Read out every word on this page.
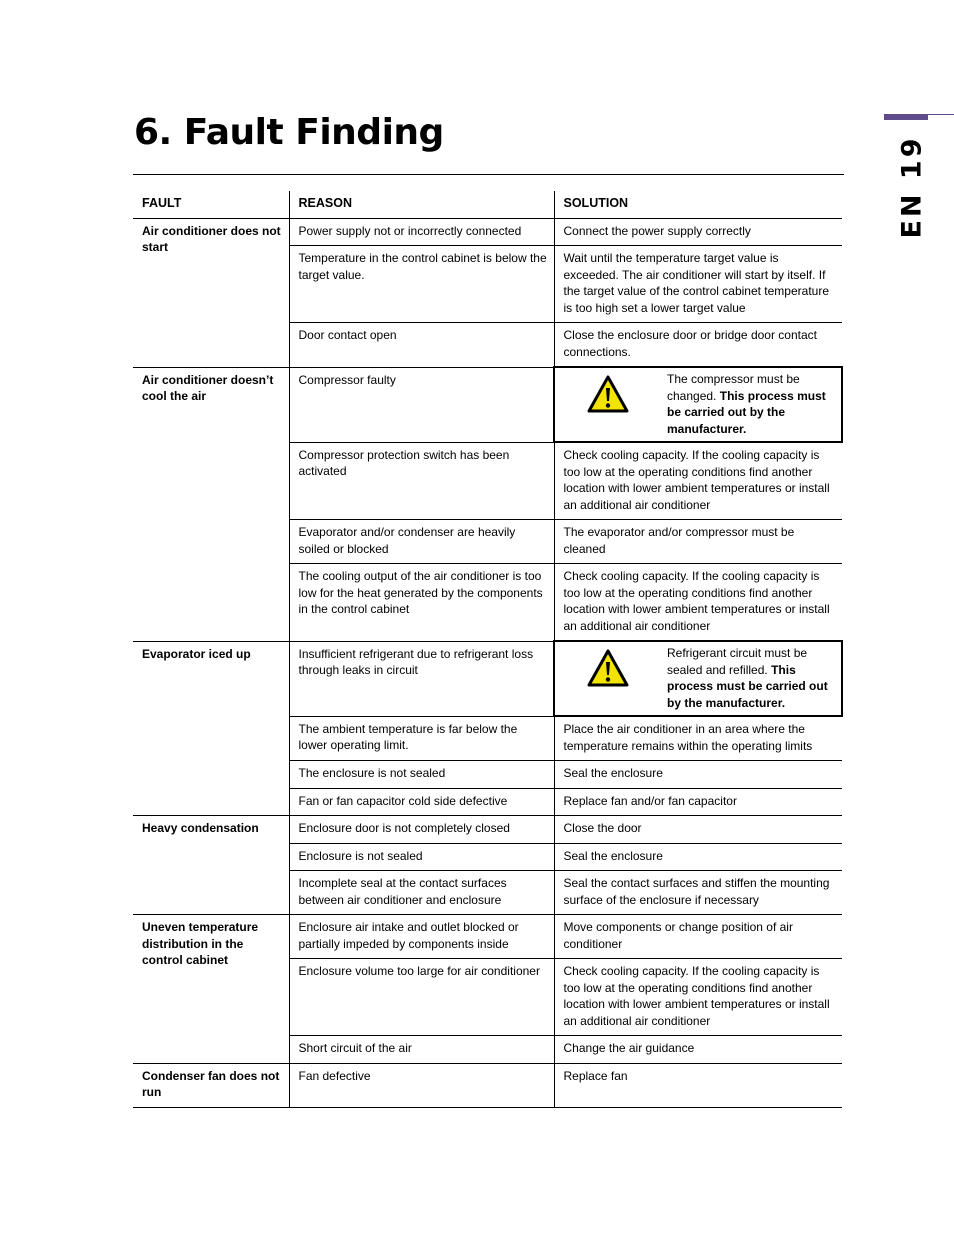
6. Fault Finding
EN 19
FAULT	REASON	SOLUTION
Air conditioner does not start	Power supply not or incorrectly connected	Connect the power supply correctly
	Temperature in the control cabinet is below the target value.	Wait until the temperature target value is exceeded. The air conditioner will start by itself. If the target value of the control cabinet temperature is too high set a lower target value
	Door contact open	Close the enclosure door or bridge door contact connections.
Air conditioner doesn’t cool the air	Compressor faulty	The compressor must be changed. This process must be carried out by the manufacturer.

	Compressor protection switch has been activated	Check cooling capacity. If the cooling capacity is too low at the operating conditions find another location with lower ambient temperatures or install an additional air conditioner
	Evaporator and/or condenser are heavily soiled or blocked	The evaporator and/or compressor must be cleaned
	The cooling output of the air conditioner is too low for the heat generated by the components in the control cabinet	Check cooling capacity. If the cooling capacity is too low at the operating conditions find another location with lower ambient temperatures or install an additional air conditioner
Evaporator iced up	Insufficient refrigerant due to refrigerant loss through leaks in circuit	Refrigerant circuit must be sealed and refilled. This process must be carried out by the manufacturer.

	The ambient temperature is far below the lower operating limit.	Place the air conditioner in an area where the temperature remains within the operating limits
	The enclosure is not sealed	Seal the enclosure
	Fan or fan capacitor cold side defective	Replace fan and/or fan capacitor
Heavy condensation	Enclosure door is not completely closed	Close the door
	Enclosure is not sealed	Seal the enclosure
	Incomplete seal at the contact surfaces between air conditioner and enclosure	Seal the contact surfaces and stiffen the mounting surface of the enclosure if necessary
Uneven temperature distribution in the control cabinet	Enclosure air intake and outlet blocked or partially impeded by components inside	Move components or change position of air conditioner
	Enclosure volume too large for air conditioner	Check cooling capacity. If the cooling capacity is too low at the operating conditions find another location with lower ambient temperatures or install an additional air conditioner
	Short circuit of the air	Change the air guidance
Condenser fan does not run	Fan defective	Replace fan
